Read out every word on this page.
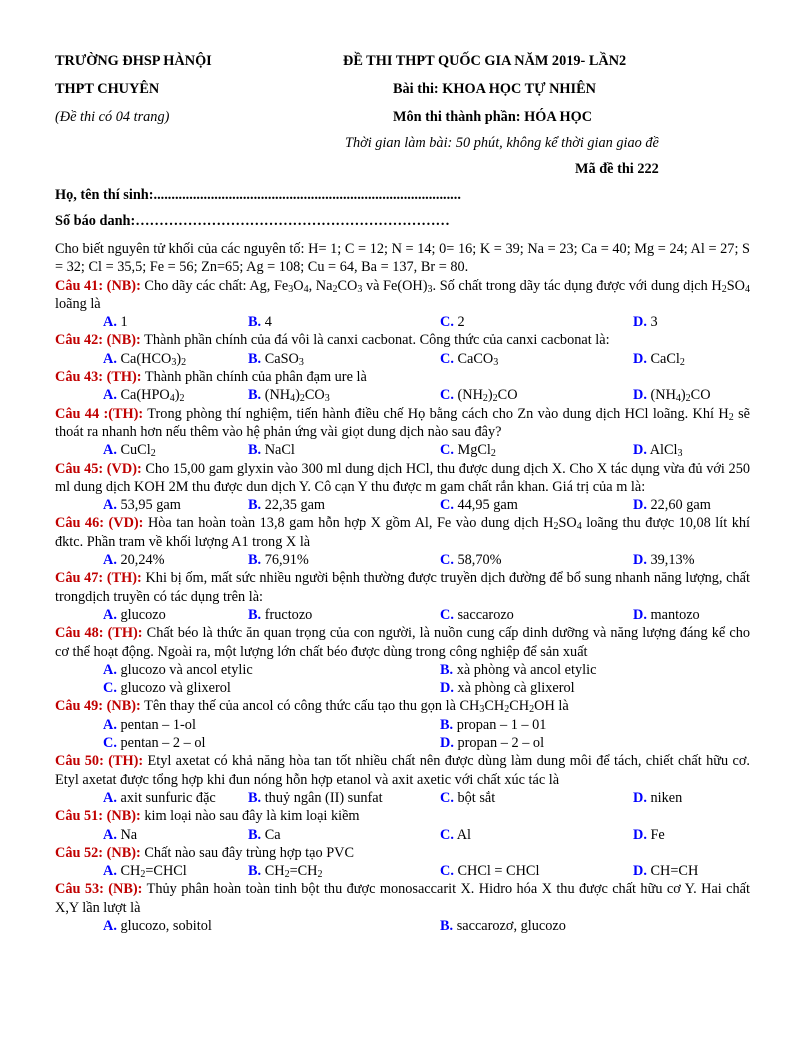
TRƯỜNG ĐHSP HÀNỘI
THPT CHUYÊN
(Đề thi có 04 trang)
ĐỀ THI THPT QUỐC GIA NĂM 2019- LẦN2
Bài thi: KHOA HỌC TỰ NHIÊN
Môn thi thành phần: HÓA HỌC
Thời gian làm bài: 50 phút, không kể thời gian giao đề
Mã đề thi 222
Họ, tên thí sinh:......................................................................................
Số báo danh:…………………………………………………………
Cho biết nguyên tử khối của các nguyên tố: H= 1; C = 12; N = 14; 0= 16; K = 39; Na = 23; Ca = 40; Mg = 24; Al = 27; S = 32; Cl = 35,5; Fe = 56; Zn=65; Ag = 108; Cu = 64, Ba = 137, Br = 80.
Câu 41: (NB): Cho dãy các chất: Ag, $Fe_3O_4$, $Na_2CO_3$ và $Fe(OH)_3$. Số chất trong dãy tác dụng được với dung dịch $H_2SO_4$ loãng là
A. 1	B. 4	C. 2	D. 3
Câu 42: (NB): Thành phần chính của đá vôi là canxi cacbonat. Công thức của canxi cacbonat là:
A. $Ca(HCO_3)_2$	B. CaSO$_3$	C. CaCO$_3$	D. CaCl$_2$
Câu 43: (TH): Thành phần chính của phân đạm ure là
A. $Ca(HPO_4)_2$	B. $(NH_4)_2CO_3$	C. $(NH_2)_2CO$	D. $(NH_4)_2CO$
Câu 44 :(TH): Trong phòng thí nghiệm, tiến hành điều chế Họ bằng cách cho Zn vào dung dịch HCl loãng. Khí $H_2$ sẽ thoát ra nhanh hơn nếu thêm vào hệ phản ứng vài giọt dung dịch nào sau đây?
A. CuCl$_2$	B. NaCl	C. MgCl$_2$	D. AlCl$_3$
Câu 45: (VD): Cho 15,00 gam glyxin vào 300 ml dung dịch HCl, thu được dung dịch X. Cho X tác dụng vừa đủ với 250 ml dung dịch KOH 2M thu được dun dịch Y. Cô cạn Y thu được m gam chất rắn khan. Giá trị của m là:
A. 53,95 gam	B. 22,35 gam	C. 44,95 gam	D. 22,60 gam
Câu 46: (VD): Hòa tan hoàn toàn 13,8 gam hỗn hợp X gồm Al, Fe vào dung dịch $H_2SO_4$ loãng thu được 10,08 lít khí đktc. Phần tram về khối lượng A1 trong X là
A. 20,24%	B. 76,91%	C. 58,70%	D. 39,13%
Câu 47: (TH): Khi bị ốm, mất sức nhiều người bệnh thường được truyền dịch đường để bổ sung nhanh năng lượng, chất trongdịch truyền có tác dụng trên là:
A. glucozo	B. fructozo	C. saccarozo	D. mantozo
Câu 48: (TH): Chất béo là thức ăn quan trọng của con người, là nuồn cung cấp dinh dưỡng và năng lượng đáng kể cho cơ thể hoạt động. Ngoài ra, một lượng lớn chất béo được dùng trong công nghiệp để sản xuất
A. glucozo và ancol etylic	B. xà phòng và ancol etylic
C. glucozo và glixerol	D. xà phòng cà glixerol
Câu 49: (NB): Tên thay thế của ancol có công thức cấu tạo thu gọn là $CH_3CH_2CH_2OH$ là
A. pentan – 1-ol	B. propan – 1 – 01
C. pentan – 2 – ol	D. propan – 2 – ol
Câu 50: (TH): Etyl axetat có khả năng hòa tan tốt nhiều chất nên được dùng làm dung môi để tách, chiết chất hữu cơ. Etyl axetat được tổng hợp khi đun nóng hỗn hợp etanol và axit axetic với chất xúc tác là
A. axit sunfuric đặc B. thuỷ ngân (II) sunfat	C. bột sắt	D. niken
Câu 51: (NB): kim loại nào sau đây là kim loại kiềm
A. Na	B. Ca	C. Al	D. Fe
Câu 52: (NB): Chất nào sau đây trùng hợp tạo PVC
A. $CH_2=CHCl$	B. $CH_2=CH_2$	C. CHCl = CHCl	D. CH=CH
Câu 53: (NB): Thủy phân hoàn toàn tinh bột thu được monosaccarit X. Hidro hóa X thu được chất hữu cơ Y. Hai chất X,Y lần lượt là
A. glucozo, sobitol	B. saccarozơ, glucozo
